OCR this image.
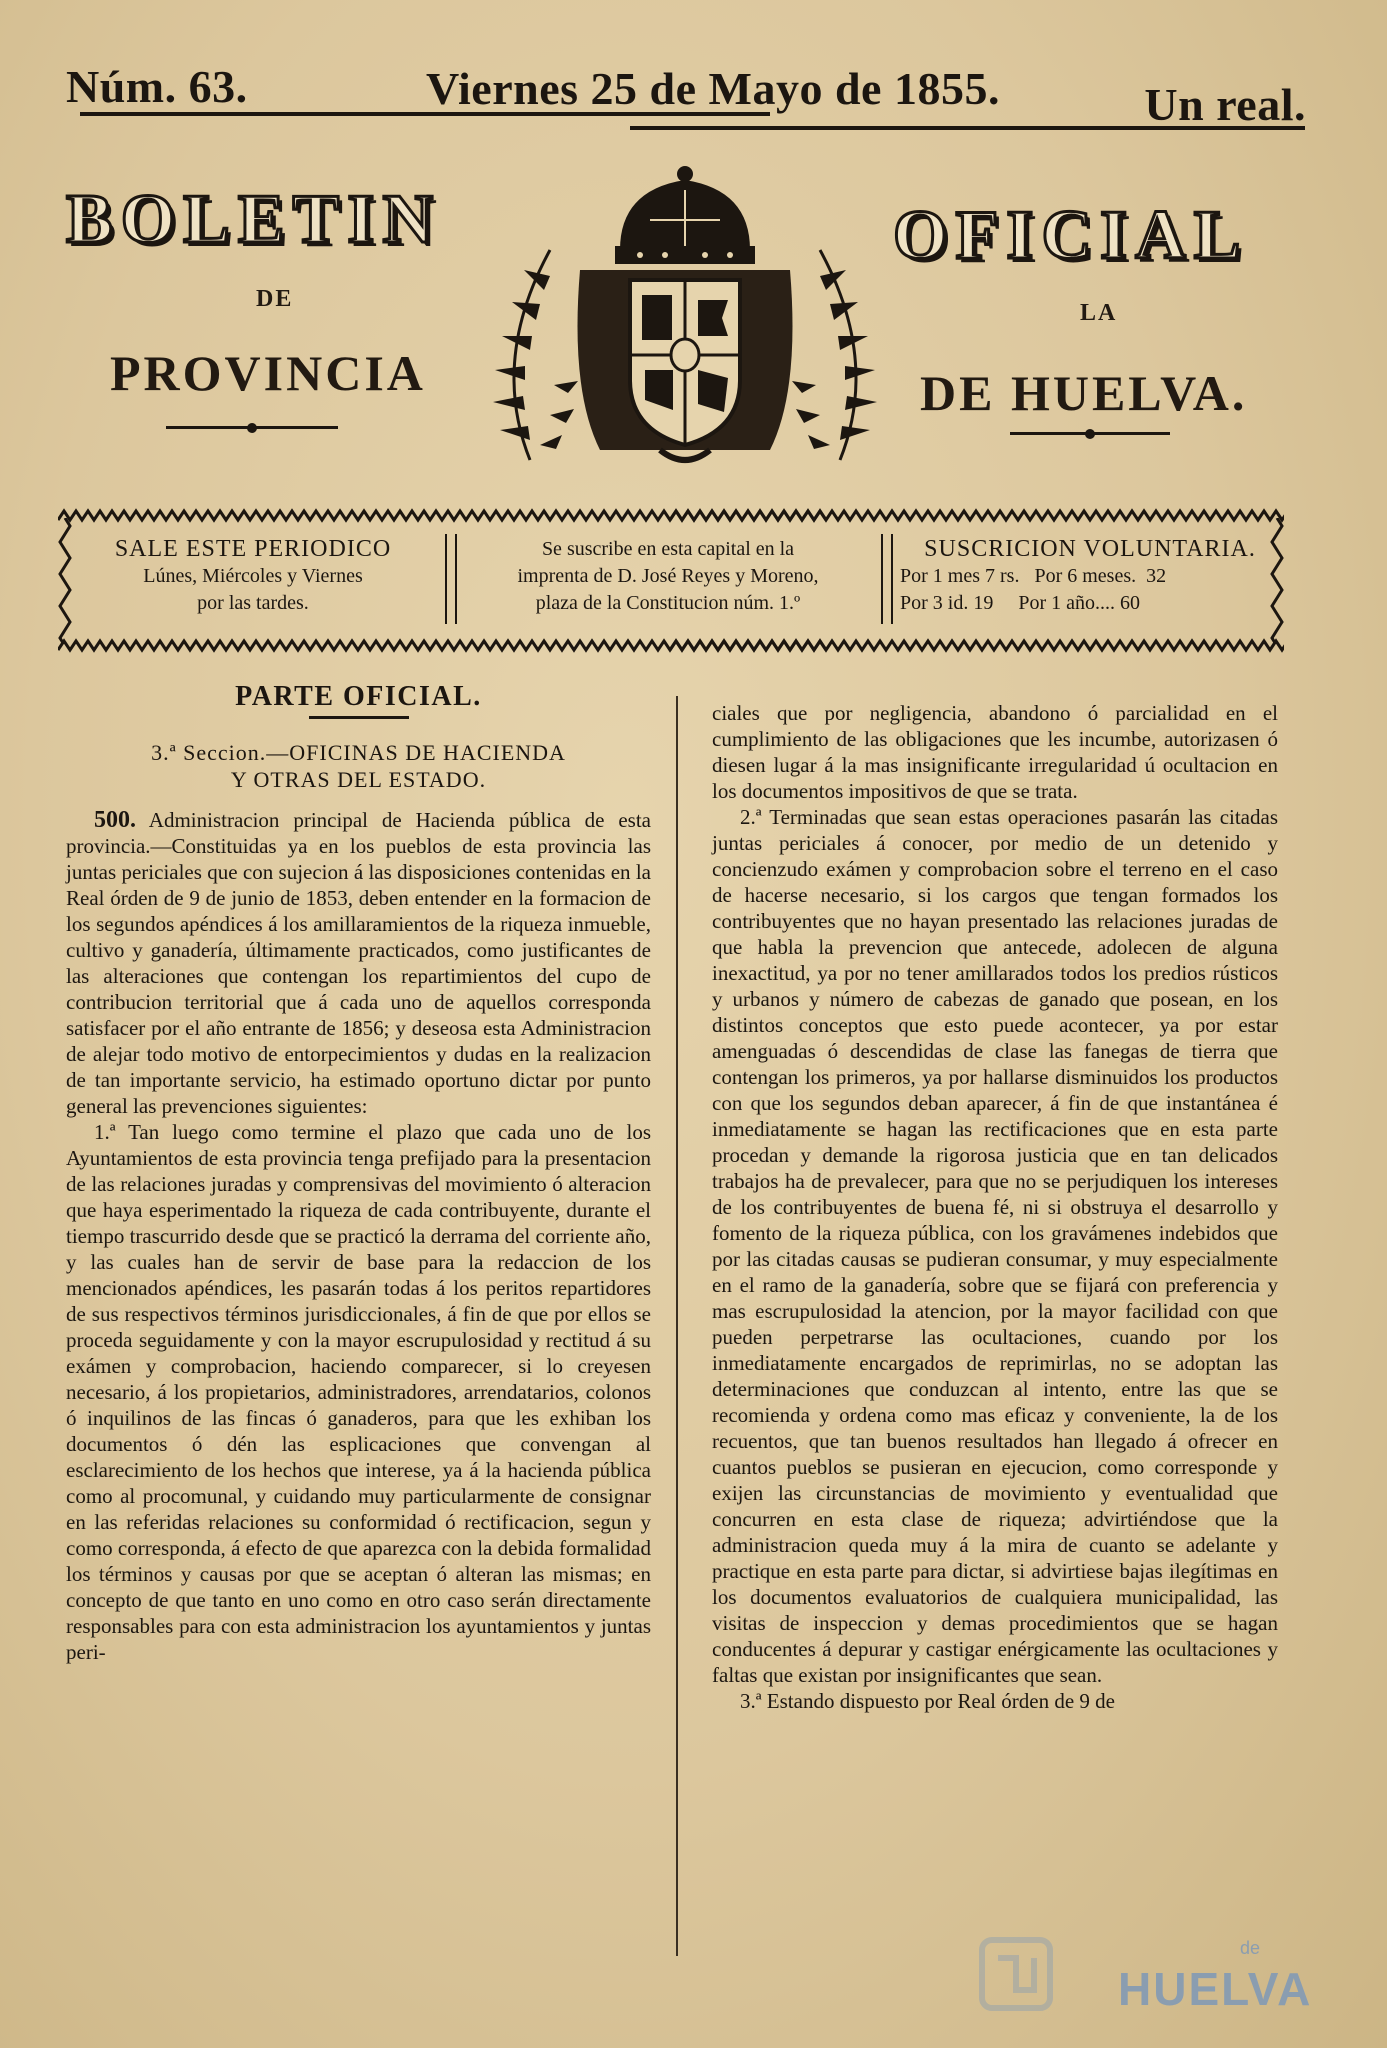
Núm. 63.	Viernes 25 de Mayo de 1855.	Un real.
BOLETIN	OFICIAL
DE
LA
PROVINCIA	DE HUELVA.
SALE ESTE PERIODICO
Lúnes, Miércoles y Viernes
por las tardes.
Se suscribe en esta capital en la
imprenta de D. José Reyes y Moreno,
plaza de la Constitucion núm. 1.º
SUSCRICION VOLUNTARIA.
Por 1 mes 7 rs.   Por 6 meses.  32
Por 3 id. 19     Por 1 año.... 60
PARTE OFICIAL.
3.ª Seccion.—OFICINAS DE HACIENDA
Y OTRAS DEL ESTADO.

500. Administracion principal de Hacienda pública de esta provincia.—Constituidas ya en los pueblos de esta provincia las juntas periciales que con sujecion á las disposiciones contenidas en la Real órden de 9 de junio de 1853, deben entender en la formacion de los segundos apéndices á los amillaramientos de la riqueza inmueble, cultivo y ganadería, últimamente practicados, como justificantes de las alteraciones que contengan los repartimientos del cupo de contribucion territorial que á cada uno de aquellos corresponda satisfacer por el año entrante de 1856; y deseosa esta Administracion de alejar todo motivo de entorpecimientos y dudas en la realizacion de tan importante servicio, ha estimado oportuno dictar por punto general las prevenciones siguientes:

1.ª Tan luego como termine el plazo que cada uno de los Ayuntamientos de esta provincia tenga prefijado para la presentacion de las relaciones juradas y comprensivas del movimiento ó alteracion que haya esperimentado la riqueza de cada contribuyente, durante el tiempo trascurrido desde que se practicó la derrama del corriente año, y las cuales han de servir de base para la redaccion de los mencionados apéndices, les pasarán todas á los peritos repartidores de sus respectivos términos jurisdiccionales, á fin de que por ellos se proceda seguidamente y con la mayor escrupulosidad y rectitud á su exámen y comprobacion, haciendo comparecer, si lo creyesen necesario, á los propietarios, administradores, arrendatarios, colonos ó inquilinos de las fincas ó ganaderos, para que les exhiban los documentos ó dén las esplicaciones que convengan al esclarecimiento de los hechos que interese, ya á la hacienda pública como al procomunal, y cuidando muy particularmente de consignar en las referidas relaciones su conformidad ó rectificacion, segun y como corresponda, á efecto de que aparezca con la debida formalidad los términos y causas por que se aceptan ó alteran las mismas; en concepto de que tanto en uno como en otro caso serán directamente responsables para con esta administracion los ayuntamientos y juntas peri-

ciales que por negligencia, abandono ó parcialidad en el cumplimiento de las obligaciones que les incumbe, autorizasen ó diesen lugar á la mas insignificante irregularidad ú ocultacion en los documentos impositivos de que se trata.

2.ª Terminadas que sean estas operaciones pasarán las citadas juntas periciales á conocer, por medio de un detenido y concienzudo exámen y comprobacion sobre el terreno en el caso de hacerse necesario, si los cargos que tengan formados los contribuyentes que no hayan presentado las relaciones juradas de que habla la prevencion que antecede, adolecen de alguna inexactitud, ya por no tener amillarados todos los predios rústicos y urbanos y número de cabezas de ganado que posean, en los distintos conceptos que esto puede acontecer, ya por estar amenguadas ó descendidas de clase las fanegas de tierra que contengan los primeros, ya por hallarse disminuidos los productos con que los segundos deban aparecer, á fin de que instantánea é inmediatamente se hagan las rectificaciones que en esta parte procedan y demande la rigorosa justicia que en tan delicados trabajos ha de prevalecer, para que no se perjudiquen los intereses de los contribuyentes de buena fé, ni si obstruya el desarrollo y fomento de la riqueza pública, con los gravámenes indebidos que por las citadas causas se pudieran consumar, y muy especialmente en el ramo de la ganadería, sobre que se fijará con preferencia y mas escrupulosidad la atencion, por la mayor facilidad con que pueden perpetrarse las ocultaciones, cuando por los inmediatamente encargados de reprimirlas, no se adoptan las determinaciones que conduzcan al intento, entre las que se recomienda y ordena como mas eficaz y conveniente, la de los recuentos, que tan buenos resultados han llegado á ofrecer en cuantos pueblos se pusieran en ejecucion, como corresponde y exijen las circunstancias de movimiento y eventualidad que concurren en esta clase de riqueza; advirtiéndose que la administracion queda muy á la mira de cuanto se adelante y practique en esta parte para dictar, si advirtiese bajas ilegítimas en los documentos evaluatorios de cualquiera municipalidad, las visitas de inspeccion y demas procedimientos que se hagan conducentes á depurar y castigar enérgicamente las ocultaciones y faltas que existan por insignificantes que sean.

3.ª Estando dispuesto por Real órden de 9 de

de
HUELVA
